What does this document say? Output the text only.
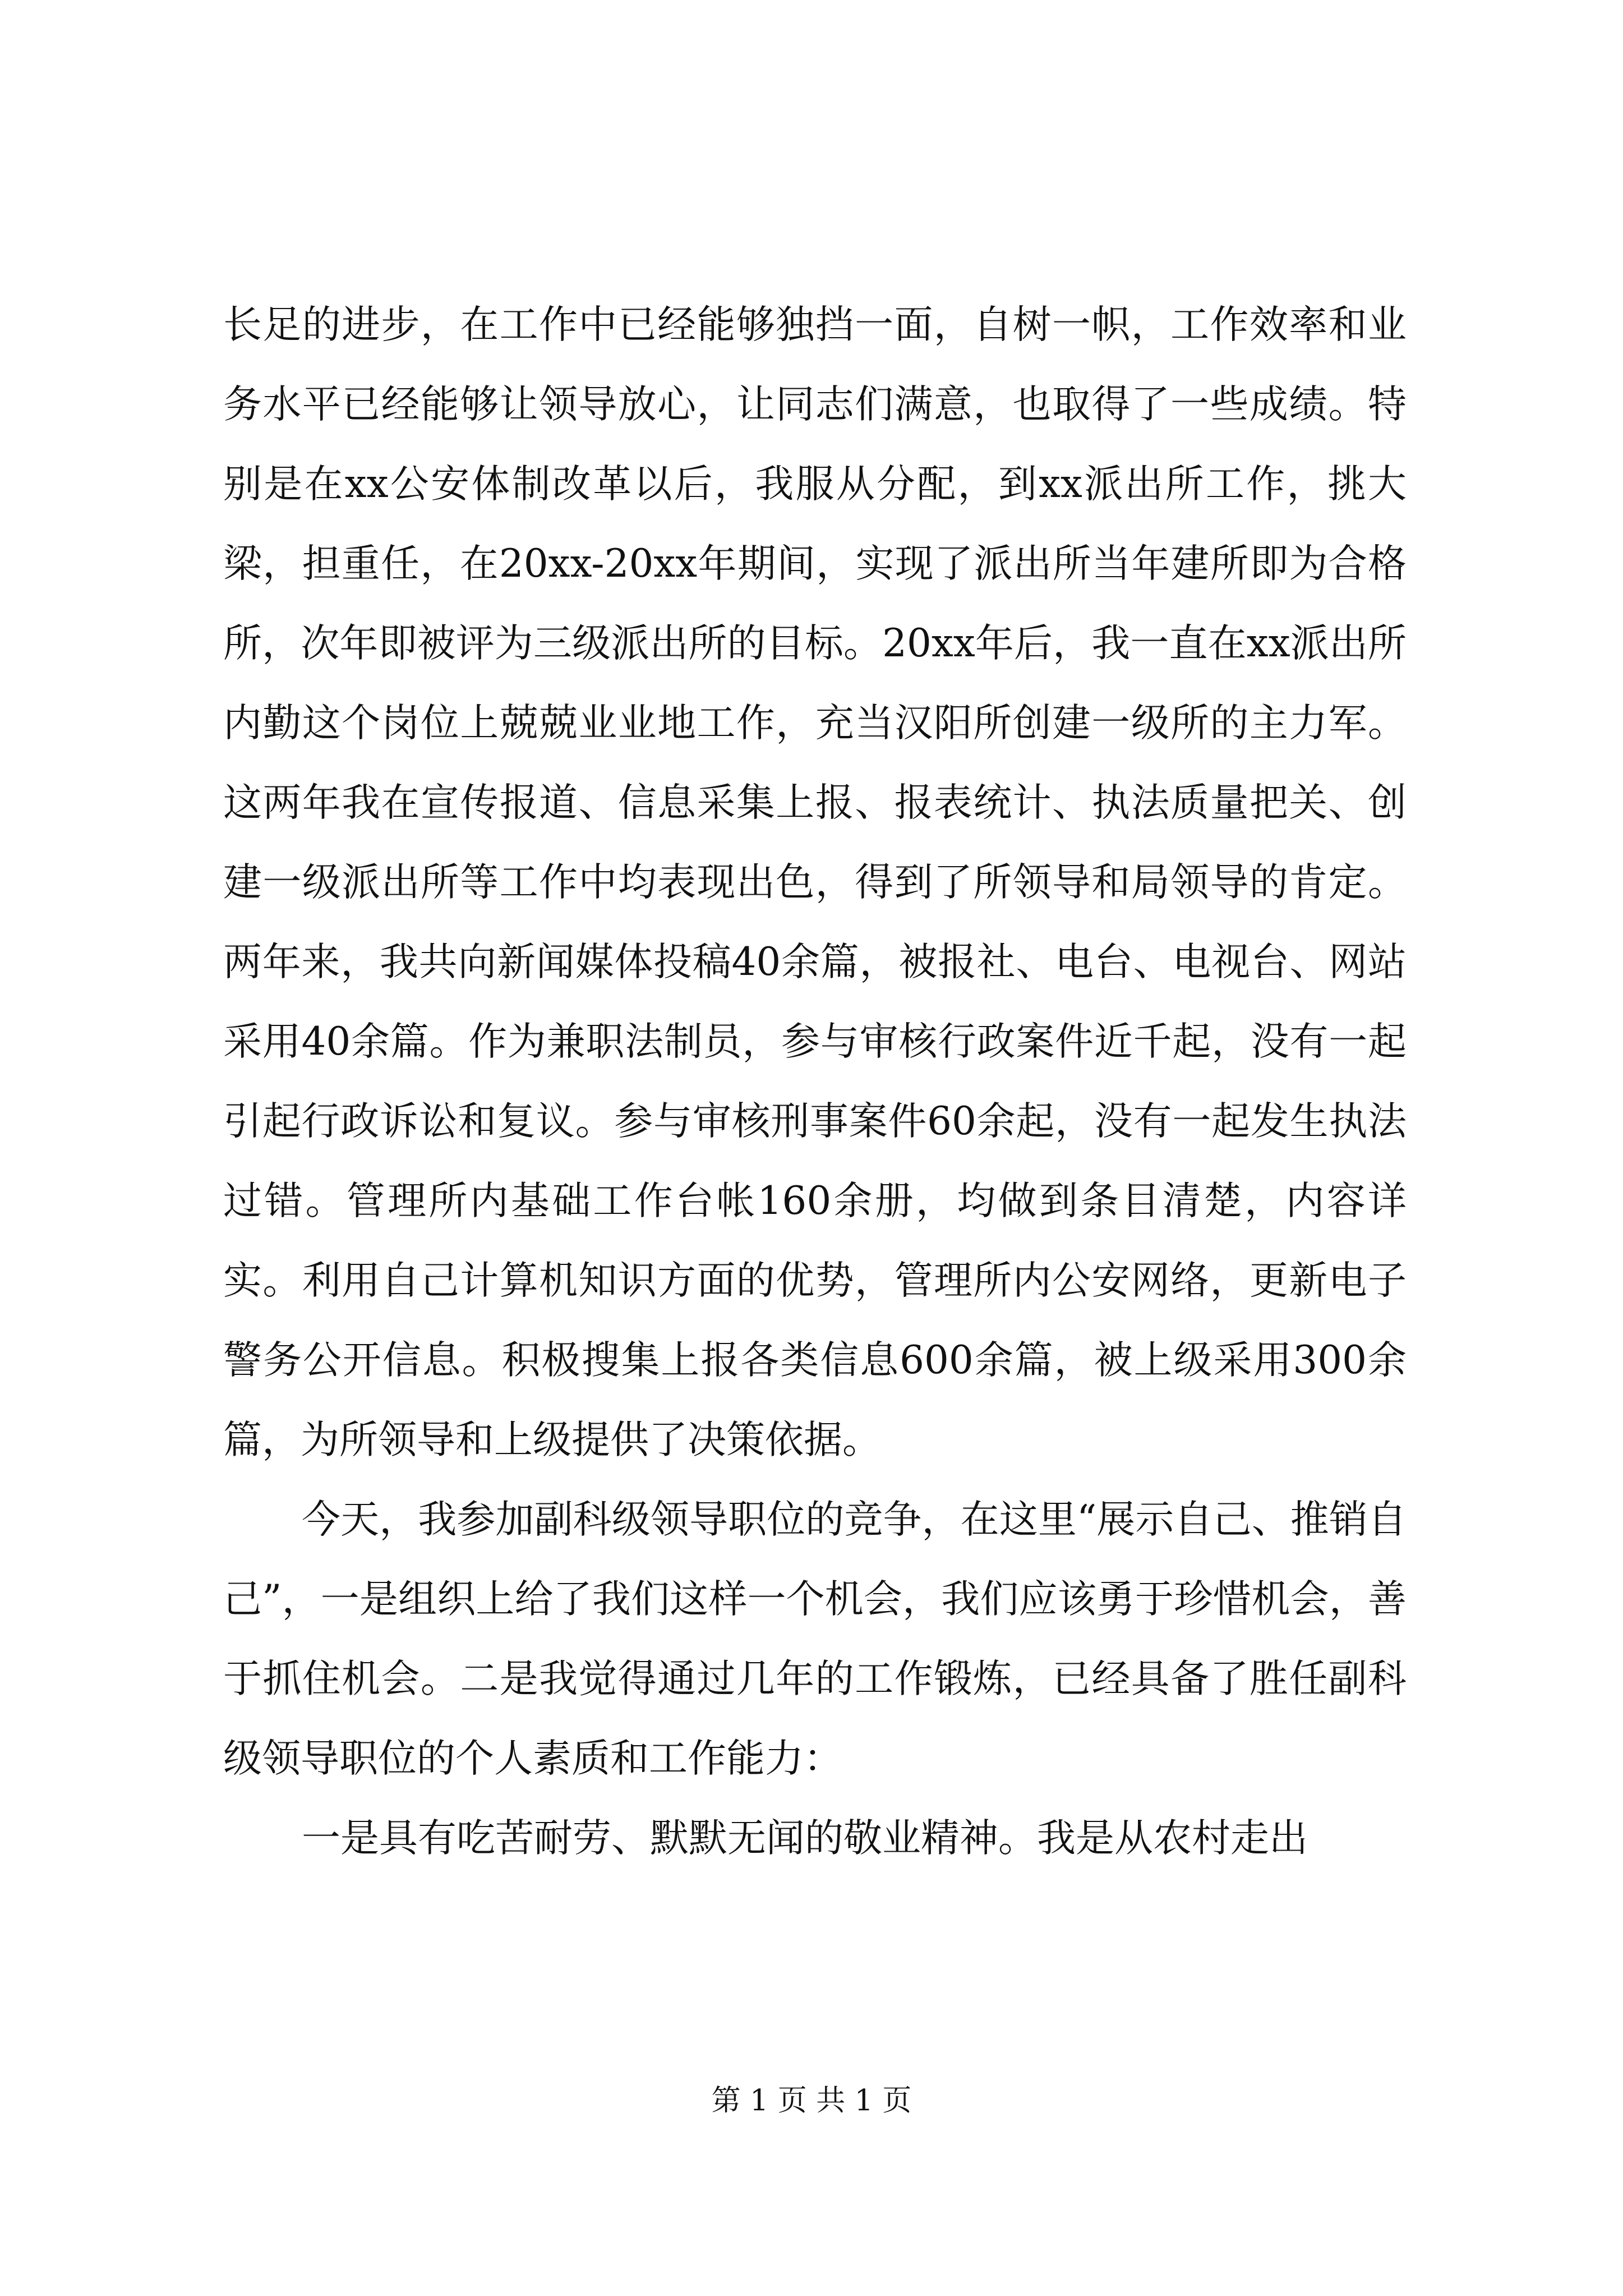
长足的进步，在工作中已经能够独挡一面，自树一帜，工作效率和业务水平已经能够让领导放心，让同志们满意，也取得了一些成绩。特别是在xx公安体制改革以后，我服从分配，到xx派出所工作，挑大梁，担重任，在20xx-20xx年期间，实现了派出所当年建所即为合格所，次年即被评为三级派出所的目标。20xx年后，我一直在xx派出所内勤这个岗位上兢兢业业地工作，充当汉阳所创建一级所的主力军。这两年我在宣传报道、信息采集上报、报表统计、执法质量把关、创建一级派出所等工作中均表现出色，得到了所领导和局领导的肯定。两年来，我共向新闻媒体投稿40余篇，被报社、电台、电视台、网站采用40余篇。作为兼职法制员，参与审核行政案件近千起，没有一起引起行政诉讼和复议。参与审核刑事案件60余起，没有一起发生执法过错。管理所内基础工作台帐160余册，均做到条目清楚，内容详实。利用自己计算机知识方面的优势，管理所内公安网络，更新电子警务公开信息。积极搜集上报各类信息600余篇，被上级采用300余篇，为所领导和上级提供了决策依据。

今天，我参加副科级领导职位的竞争，在这里“展示自己、推销自己”，一是组织上给了我们这样一个机会，我们应该勇于珍惜机会，善于抓住机会。二是我觉得通过几年的工作锻炼，已经具备了胜任副科级领导职位的个人素质和工作能力：

一是具有吃苦耐劳、默默无闻的敬业精神。我是从农村走出

第 1 页 共 1 页
